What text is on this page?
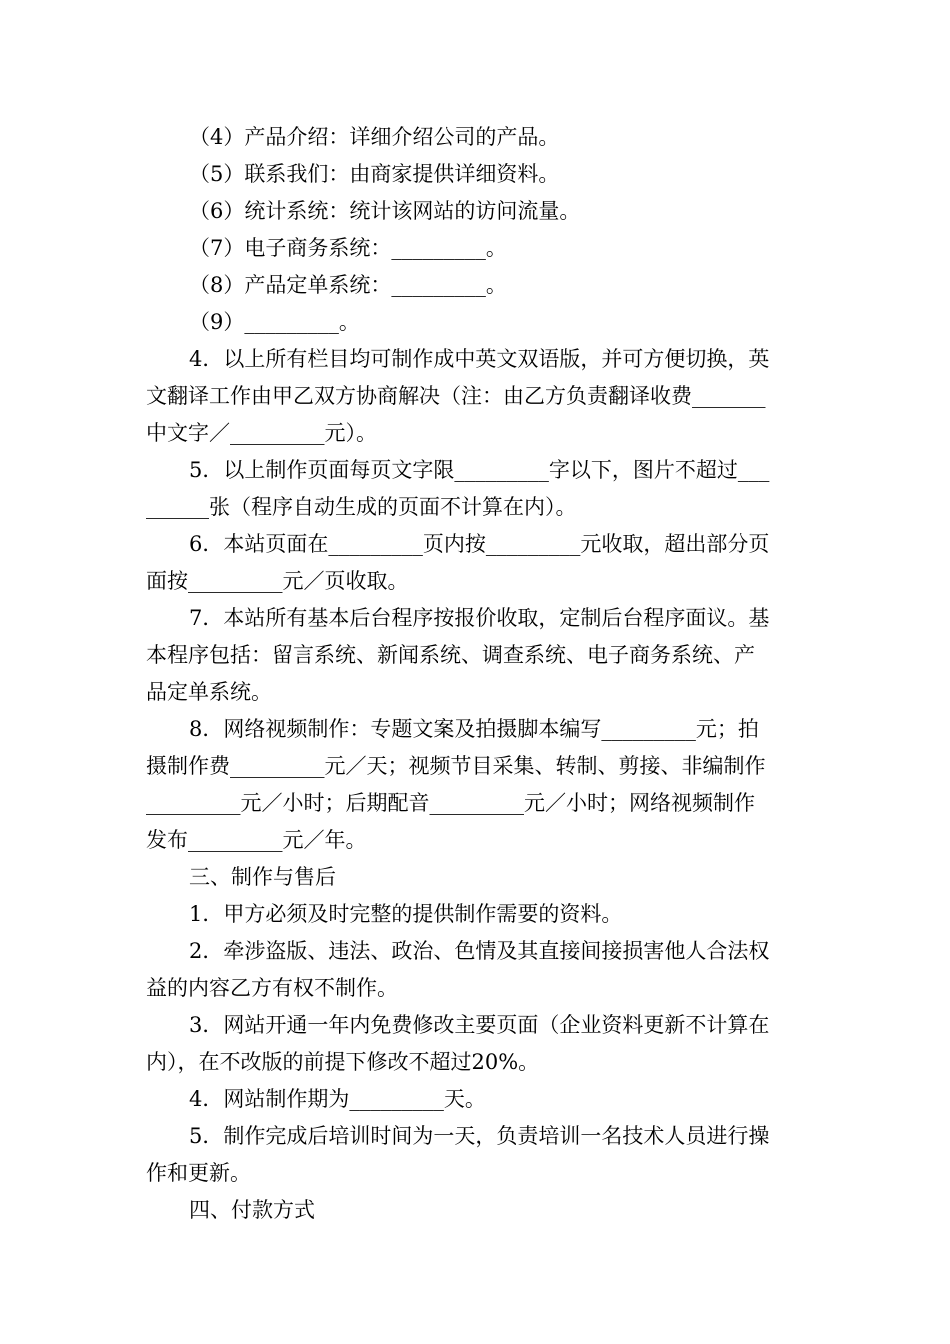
（4）产品介绍：详细介绍公司的产品。
（5）联系我们：由商家提供详细资料。
（6）统计系统：统计该网站的访问流量。
（7）电子商务系统：_________。
（8）产品定单系统：_________。
（9）_________。
4．以上所有栏目均可制作成中英文双语版，并可方便切换，英
文翻译工作由甲乙双方协商解决（注：由乙方负责翻译收费_______
中文字／_________元）。
5．以上制作页面每页文字限_________字以下，图片不超过___
______张（程序自动生成的页面不计算在内）。
6．本站页面在_________页内按_________元收取，超出部分页
面按_________元／页收取。
7．本站所有基本后台程序按报价收取，定制后台程序面议。基
本程序包括：留言系统、新闻系统、调查系统、电子商务系统、产
品定单系统。
8．网络视频制作：专题文案及拍摄脚本编写_________元；拍
摄制作费_________元／天；视频节目采集、转制、剪接、非编制作
_________元／小时；后期配音_________元／小时；网络视频制作
发布_________元／年。
三、制作与售后
1．甲方必须及时完整的提供制作需要的资料。
2．牵涉盗版、违法、政治、色情及其直接间接损害他人合法权
益的内容乙方有权不制作。
3．网站开通一年内免费修改主要页面（企业资料更新不计算在
内），在不改版的前提下修改不超过20%。
4．网站制作期为_________天。
5．制作完成后培训时间为一天，负责培训一名技术人员进行操
作和更新。
四、付款方式
